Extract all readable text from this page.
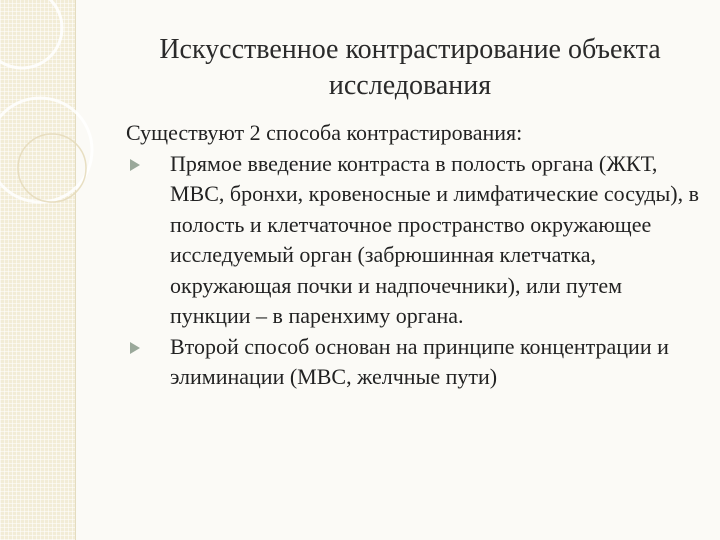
Искусственное контрастирование объекта исследования

Существуют 2 способа контрастирования:

Прямое введение контраста в полость органа (ЖКТ, МВС, бронхи, кровеносные и лимфатические сосуды), в полость и клетчаточное пространство окружающее исследуемый орган (забрюшинная клетчатка, окружающая почки и надпочечники), или путем пункции – в паренхиму органа.
Второй способ основан на принципе концентрации и элиминации (МВС, желчные пути)
